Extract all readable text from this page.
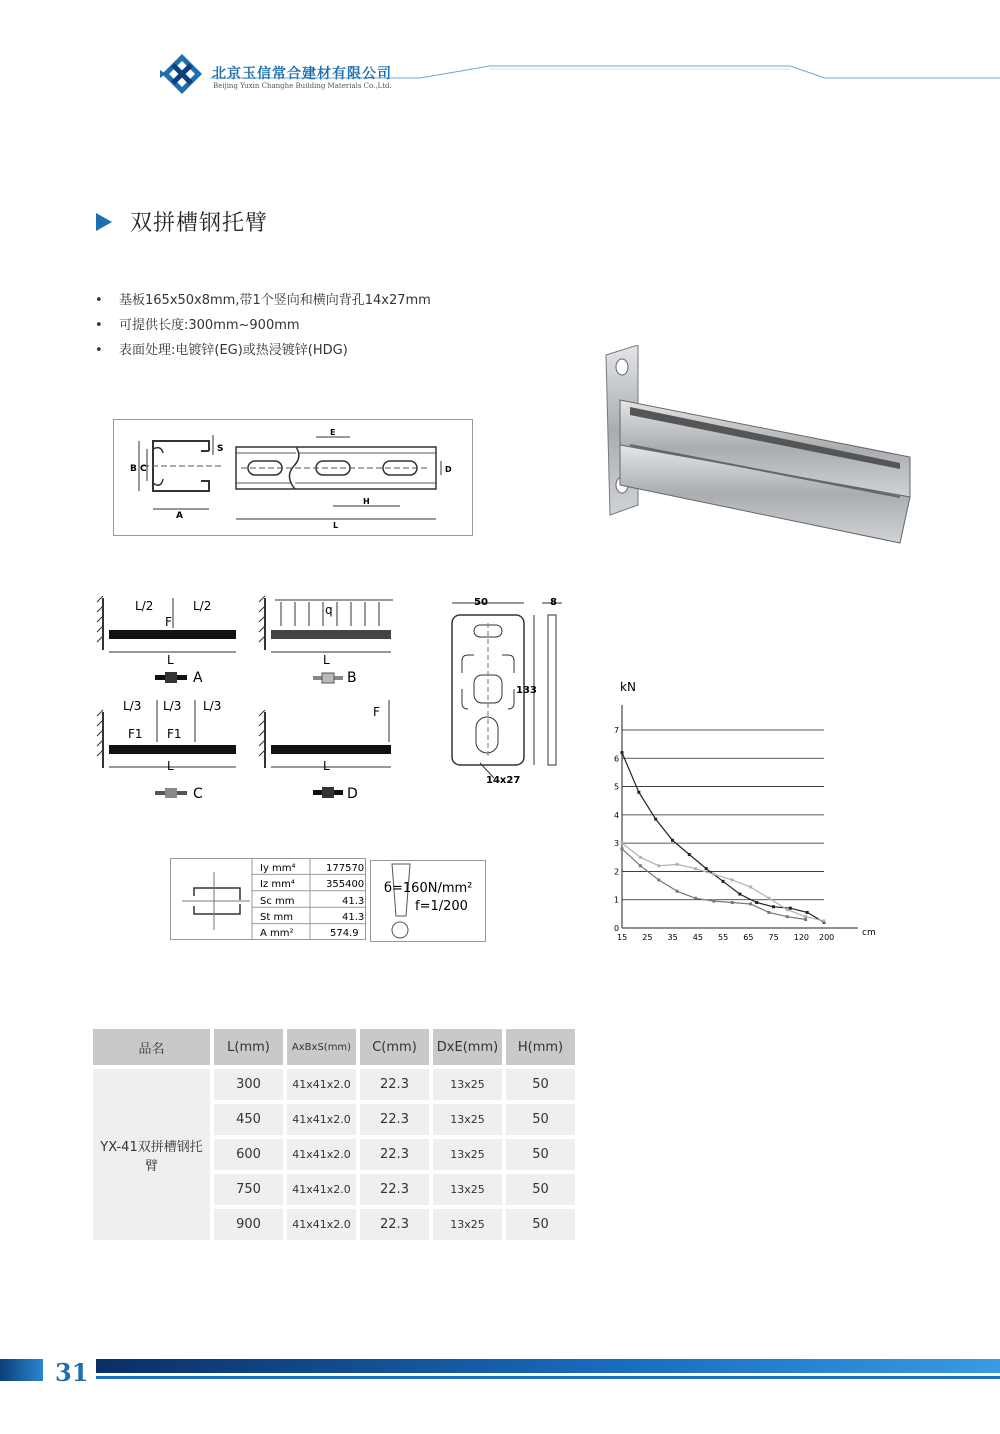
北京玉信常合建材有限公司
Beijing Yuxin Changhe Building Materials Co.,Ltd.
双拼槽钢托臂
•	基板165x50x8mm,带1个竖向和横向背孔14x27mm
•	可提供长度:300mm~900mm
•	表面处理:电镀锌(EG)或热浸镀锌(HDG)
B C
S
A
E
D
H
L
L/2	L/2
F
L
A
q
L
B
L/3 L/3 L/3
F1 F1
L
C
F
L
D
50
133
8
14x27
Iy mm⁴	177570
Iz mm⁴	355400
Sc mm	41.3
St mm	41.3
A mm²	574.9
б=160N/mm²
f=1/200
kN
cm
0
1
2
3
4
5
6
7
15 25 35 45 55 65 75 120 200
品名	L(mm)	AxBxS(mm)	C(mm)	DxE(mm)	H(mm)
YX-41双拼槽钢托臂	300	41x41x2.0	22.3	13x25	50
	450	41x41x2.0	22.3	13x25	50
	600	41x41x2.0	22.3	13x25	50
	750	41x41x2.0	22.3	13x25	50
	900	41x41x2.0	22.3	13x25	50
31
